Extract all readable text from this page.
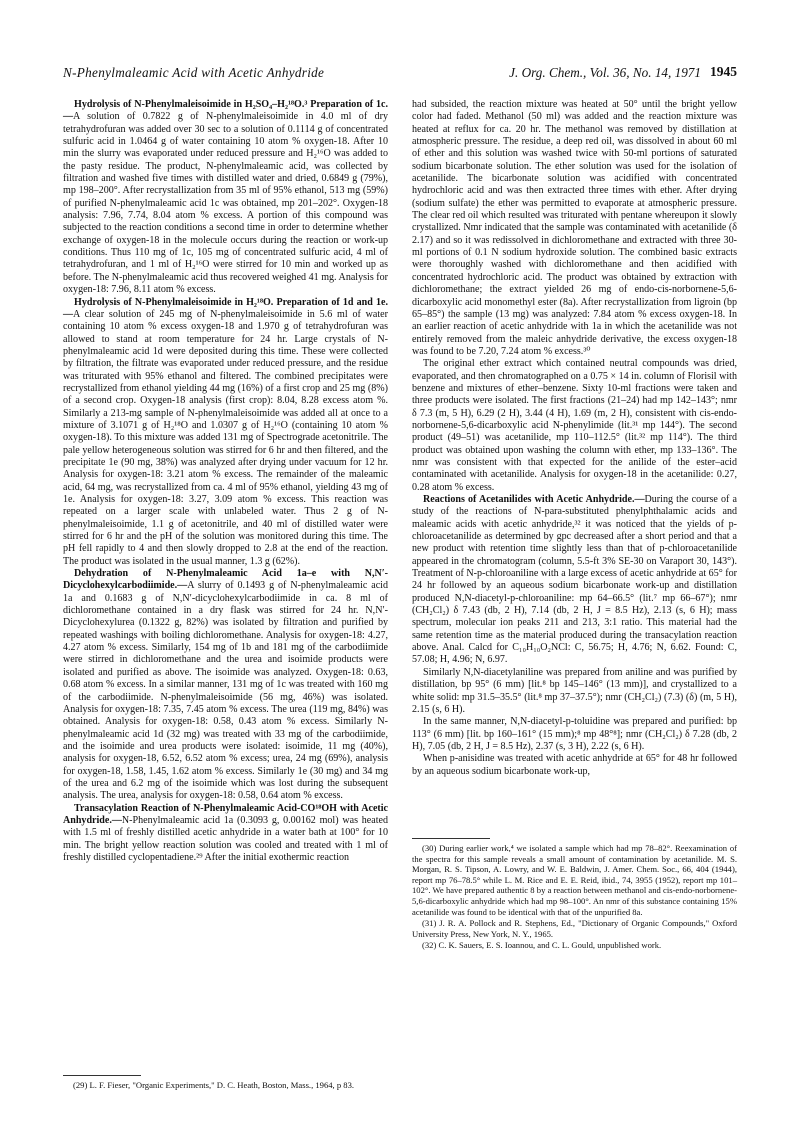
N-Phenylmaleamic Acid with Acetic Anhydride	J. Org. Chem., Vol. 36, No. 14, 1971 1945

Hydrolysis of N-Phenylmaleisoimide in H₂SO₄–H₂¹⁸O.³ Preparation of 1c.—A solution of 0.7822 g of N-phenylmaleisoimide in 4.0 ml of dry tetrahydrofuran was added over 30 sec to a solution of 0.1114 g of concentrated sulfuric acid in 1.0464 g of water containing 10 atom % oxygen-18. After 10 min the slurry was evaporated under reduced pressure and H₂¹⁶O was added to the pasty residue. The product, N-phenylmaleamic acid, was collected by filtration and washed five times with distilled water and dried, 0.6849 g (79%), mp 198–200°. After recrystallization from 35 ml of 95% ethanol, 513 mg (59%) of purified N-phenylmaleamic acid 1c was obtained, mp 201–202°. Oxygen-18 analysis: 7.96, 7.74, 8.04 atom % excess. A portion of this compound was subjected to the reaction conditions a second time in order to determine whether exchange of oxygen-18 in the molecule occurs during the reaction or work-up conditions. Thus 110 mg of 1c, 105 mg of concentrated sulfuric acid, 4 ml of tetrahydrofuran, and 1 ml of H₂¹⁶O were stirred for 10 min and worked up as before. The N-phenylmaleamic acid thus recovered weighed 41 mg. Analysis for oxygen-18: 7.96, 8.11 atom % excess.

Hydrolysis of N-Phenylmaleisoimide in H₂¹⁸O. Preparation of 1d and 1e.—A clear solution of 245 mg of N-phenylmaleisoimide in 5.6 ml of water containing 10 atom % excess oxygen-18 and 1.970 g of tetrahydrofuran was allowed to stand at room temperature for 24 hr. Large crystals of N-phenylmaleamic acid 1d were deposited during this time. These were collected by filtration, the filtrate was evaporated under reduced pressure, and the residue was triturated with 95% ethanol and filtered. The combined precipitates were recrystallized from ethanol yielding 44 mg (16%) of a first crop and 25 mg (8%) of a second crop. Oxygen-18 analysis (first crop): 8.04, 8.28 excess atom %. Similarly a 213-mg sample of N-phenylmaleisoimide was added all at once to a mixture of 3.1071 g of H₂¹⁸O and 1.0307 g of H₂¹⁶O (containing 10 atom % oxygen-18). To this mixture was added 131 mg of Spectrograde acetonitrile. The pale yellow heterogeneous solution was stirred for 6 hr and then filtered, and the precipitate 1e (90 mg, 38%) was analyzed after drying under vacuum for 12 hr. Analysis for oxygen-18: 3.21 atom % excess. The remainder of the maleamic acid, 64 mg, was recrystallized from ca. 4 ml of 95% ethanol, yielding 43 mg of 1e. Analysis for oxygen-18: 3.27, 3.09 atom % excess. This reaction was repeated on a larger scale with unlabeled water. Thus 2 g of N-phenylmaleisoimide, 1.1 g of acetonitrile, and 40 ml of distilled water were stirred for 6 hr and the pH of the solution was monitored during this time. The pH fell rapidly to 4 and then slowly dropped to 2.8 at the end of the reaction. The product was isolated in the usual manner, 1.3 g (62%).

Dehydration of N-Phenylmaleamic Acid 1a–e with N,N′-Dicyclohexylcarbodiimide.—A slurry of 0.1493 g of N-phenylmaleamic acid 1a and 0.1683 g of N,N′-dicyclohexylcarbodiimide in ca. 8 ml of dichloromethane contained in a dry flask was stirred for 24 hr. N,N′-Dicyclohexylurea (0.1322 g, 82%) was isolated by filtration and purified by repeated washings with boiling dichloromethane. Analysis for oxygen-18: 4.27, 4.27 atom % excess. Similarly, 154 mg of 1b and 181 mg of the carbodiimide were stirred in dichloromethane and the urea and isoimide products were isolated and purified as above. The isoimide was analyzed. Oxygen-18: 0.63, 0.68 atom % excess. In a similar manner, 131 mg of 1c was treated with 160 mg of the carbodiimide. N-phenylmaleisoimide (56 mg, 46%) was isolated. Analysis for oxygen-18: 7.35, 7.45 atom % excess. The urea (119 mg, 84%) was obtained. Analysis for oxygen-18: 0.58, 0.43 atom % excess. Similarly N-phenylmaleamic acid 1d (32 mg) was treated with 33 mg of the carbodiimide, and the isoimide and urea products were isolated: isoimide, 11 mg (40%), analysis for oxygen-18, 6.52, 6.52 atom % excess; urea, 24 mg (69%), analysis for oxygen-18, 1.58, 1.45, 1.62 atom % excess. Similarly 1e (30 mg) and 34 mg of the urea and 6.2 mg of the isoimide which was lost during the subsequent analysis. The urea, analysis for oxygen-18: 0.58, 0.64 atom % excess.

Transacylation Reaction of N-Phenylmaleamic Acid-CO¹⁸OH with Acetic Anhydride.—N-Phenylmaleamic acid 1a (0.3093 g, 0.00162 mol) was heated with 1.5 ml of freshly distilled acetic anhydride in a water bath at 100° for 10 min. The bright yellow reaction solution was cooled and treated with 1 ml of freshly distilled cyclopentadiene.²⁹ After the initial exothermic reaction

had subsided, the reaction mixture was heated at 50° until the bright yellow color had faded. Methanol (50 ml) was added and the reaction mixture was heated at reflux for ca. 20 hr. The methanol was removed by distillation at atmospheric pressure. The residue, a deep red oil, was dissolved in about 60 ml of ether and this solution was washed twice with 50-ml portions of saturated sodium bicarbonate solution. The ether solution was used for the isolation of acetanilide. The bicarbonate solution was acidified with concentrated hydrochloric acid and was then extracted three times with ether. After drying (sodium sulfate) the ether was permitted to evaporate at atmospheric pressure. The clear red oil which resulted was triturated with pentane whereupon it slowly crystallized. Nmr indicated that the sample was contaminated with acetanilide (δ 2.17) and so it was redissolved in dichloromethane and extracted with three 30-ml portions of 0.1 N sodium hydroxide solution. The combined basic extracts were thoroughly washed with dichloromethane and then acidified with concentrated hydrochloric acid. The product was obtained by extraction with dichloromethane; the extract yielded 26 mg of endo-cis-norbornene-5,6-dicarboxylic acid monomethyl ester (8a). After recrystallization from ligroin (bp 65–85°) the sample (13 mg) was analyzed: 7.84 atom % excess oxygen-18. In an earlier reaction of acetic anhydride with 1a in which the acetanilide was not entirely removed from the maleic anhydride derivative, the excess oxygen-18 was found to be 7.20, 7.24 atom % excess.³⁰

The original ether extract which contained neutral compounds was dried, evaporated, and then chromatographed on a 0.75 × 14 in. column of Florisil with benzene and mixtures of ether–benzene. Sixty 10-ml fractions were taken and three products were isolated. The first fractions (21–24) had mp 142–143°; nmr δ 7.3 (m, 5 H), 6.29 (2 H), 3.44 (4 H), 1.69 (m, 2 H), consistent with cis-endo-norbornene-5,6-dicarboxylic acid N-phenylimide (lit.³¹ mp 144°). The second product (49–51) was acetanilide, mp 110–112.5° (lit.³² mp 114°). The third product was obtained upon washing the column with ether, mp 133–136°. The nmr was consistent with that expected for the anilide of the ester–acid contaminated with acetanilide. Analysis for oxygen-18 in the acetanilide: 0.27, 0.28 atom % excess.

Reactions of Acetanilides with Acetic Anhydride.—During the course of a study of the reactions of N-para-substituted phenylphthalamic acids and maleamic acids with acetic anhydride,³² it was noticed that the yields of p-chloroacetanilide as determined by gpc decreased after a short period and that a new product with retention time slightly less than that of p-chloroacetanilide appeared in the chromatogram (column, 5.5-ft 3% SE-30 on Varaport 30, 143°). Treatment of N-p-chloroaniline with a large excess of acetic anhydride at 65° for 24 hr followed by an aqueous sodium bicarbonate work-up and distillation produced N,N-diacetyl-p-chloroaniline: mp 64–66.5° (lit.⁷ mp 66–67°); nmr (CH₂Cl₂) δ 7.43 (db, 2 H), 7.14 (db, 2 H, J = 8.5 Hz), 2.13 (s, 6 H); mass spectrum, molecular ion peaks 211 and 213, 3:1 ratio. This material had the same retention time as the material produced during the transacylation reaction above. Anal. Calcd for C₁₀H₁₀O₂NCl: C, 56.75; H, 4.76; N, 6.62. Found: C, 57.08; H, 4.96; N, 6.97.

Similarly N,N-diacetylaniline was prepared from aniline and was purified by distillation, bp 95° (6 mm) [lit.⁸ bp 145–146° (13 mm)], and crystallized to a white solid: mp 31.5–35.5° (lit.⁸ mp 37–37.5°); nmr (CH₂Cl₂) (7.3) (δ) (m, 5 H), 2.15 (s, 6 H).

In the same manner, N,N-diacetyl-p-toluidine was prepared and purified: bp 113° (6 mm) [lit. bp 160–161° (15 mm);⁸ mp 48°⁸]; nmr (CH₂Cl₂) δ 7.28 (db, 2 H), 7.05 (db, 2 H, J = 8.5 Hz), 2.37 (s, 3 H), 2.22 (s, 6 H).

When p-anisidine was treated with acetic anhydride at 65° for 48 hr followed by an aqueous sodium bicarbonate work-up,

(29) L. F. Fieser, "Organic Experiments," D. C. Heath, Boston, Mass., 1964, p 83.

(30) During earlier work,⁴ we isolated a sample which had mp 78–82°. Reexamination of the spectra for this sample reveals a small amount of contamination by acetanilide. M. S. Morgan, R. S. Tipson, A. Lowry, and W. E. Baldwin, J. Amer. Chem. Soc., 66, 404 (1944), report mp 76–78.5° while L. M. Rice and E. E. Reid, ibid., 74, 3955 (1952), report mp 101–102°. We have prepared authentic 8 by a reaction between methanol and cis-endo-norbornene-5,6-dicarboxylic anhydride which had mp 98–100°. An nmr of this substance containing 15% acetanilide was found to be identical with that of the unpurified 8a.

(31) J. R. A. Pollock and R. Stephens, Ed., "Dictionary of Organic Compounds," Oxford University Press, New York, N. Y., 1965.

(32) C. K. Sauers, E. S. Ioannou, and C. L. Gould, unpublished work.
